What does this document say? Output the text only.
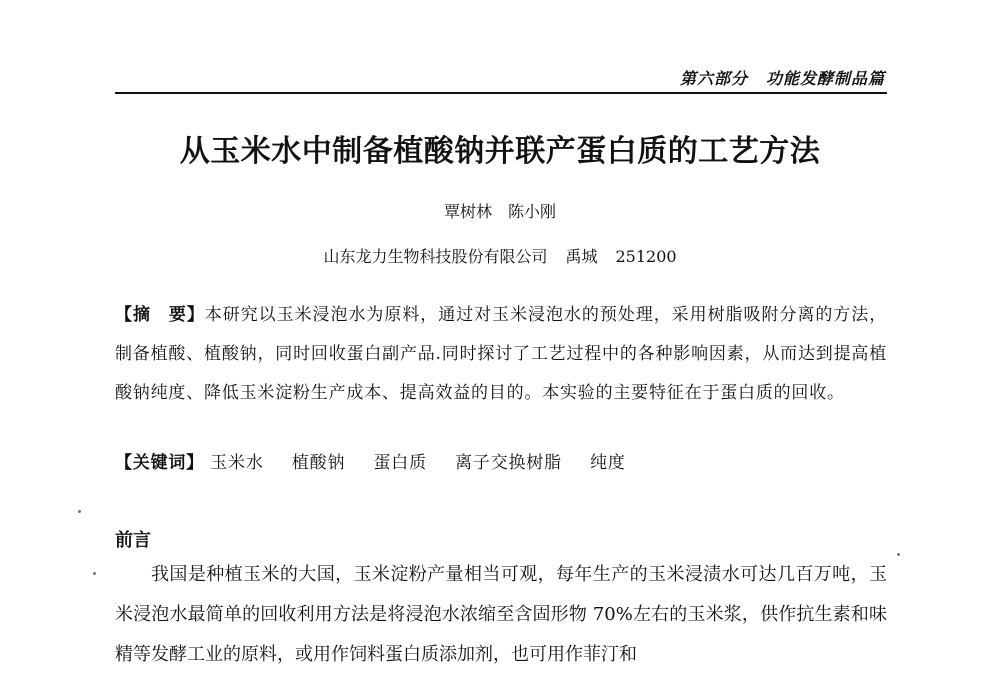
第六部分 功能发酵制品篇
从玉米水中制备植酸钠并联产蛋白质的工艺方法
覃树林 陈小刚
山东龙力生物科技股份有限公司 禹城 251200
【摘　要】本研究以玉米浸泡水为原料，通过对玉米浸泡水的预处理，采用树脂吸附分离的方法，制备植酸、植酸钠，同时回收蛋白副产品.同时探讨了工艺过程中的各种影响因素，从而达到提高植酸钠纯度、降低玉米淀粉生产成本、提高效益的目的。本实验的主要特征在于蛋白质的回收。
【关键词】 玉米水 植酸钠 蛋白质 离子交换树脂 纯度
前言

我国是种植玉米的大国，玉米淀粉产量相当可观，每年生产的玉米浸渍水可达几百万吨，玉米浸泡水最简单的回收利用方法是将浸泡水浓缩至含固形物 70%左右的玉米浆，供作抗生素和味精等发酵工业的原料，或用作饲料蛋白质添加剂，也可用作菲汀和
